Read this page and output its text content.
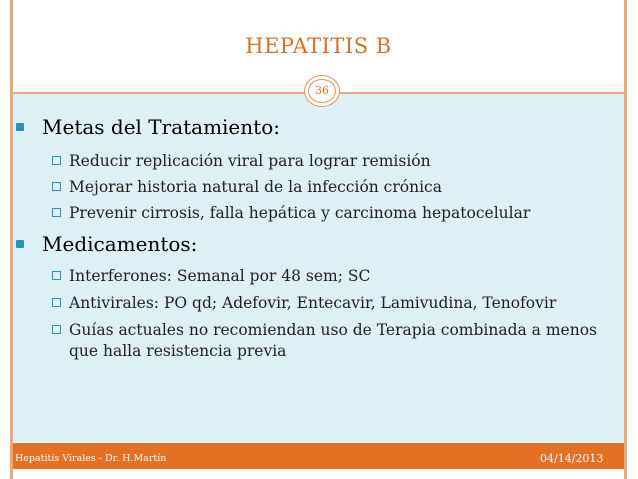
HEPATITIS B
36
Metas del Tratamiento:
Reducir replicación viral para lograr remisión
Mejorar historia natural de la infección crónica
Prevenir cirrosis, falla hepática y carcinoma hepatocelular
Medicamentos:
Interferones: Semanal por 48 sem; SC
Antivirales: PO qd; Adefovir, Entecavir, Lamivudina, Tenofovir
Guías actuales no recomiendan uso de Terapia combinada a menos que halla resistencia previa
Hepatitis Virales - Dr. H.Martín	04/14/2013
